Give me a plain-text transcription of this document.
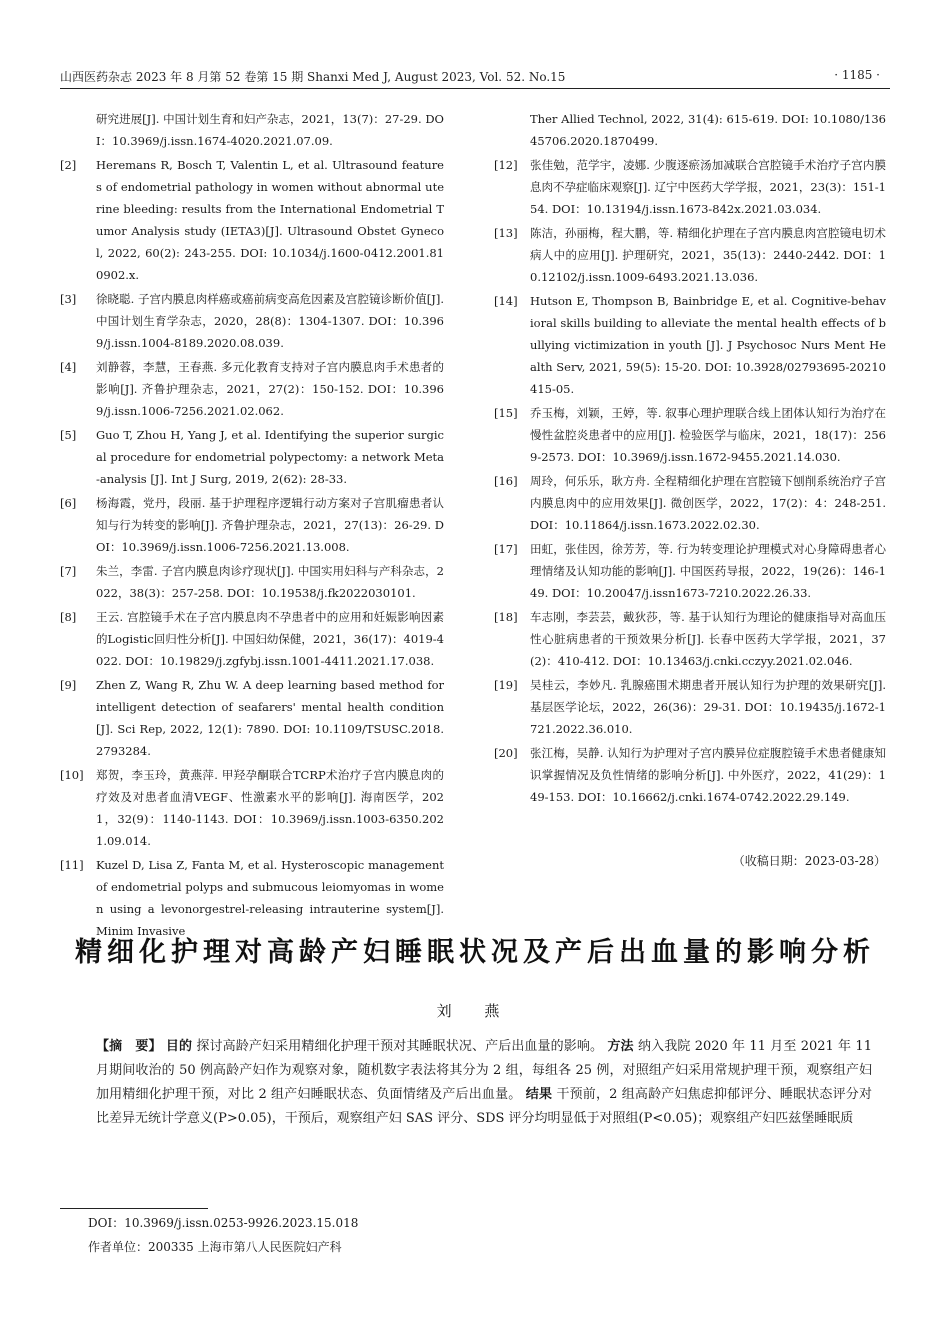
山西医药杂志 2023 年 8 月第 52 卷第 15 期 Shanxi Med J, August 2023, Vol. 52. No.15	· 1185 ·
研究进展[J]. 中国计划生育和妇产杂志，2021，13(7)：27-29. DOI：10.3969/j.issn.1674-4020.2021.07.09.
[2]	Heremans R, Bosch T, Valentin L, et al. Ultrasound features of endometrial pathology in women without abnormal uterine bleeding: results from the International Endometrial Tumor Analysis study (IETA3)[J]. Ultrasound Obstet Gynecol, 2022, 60(2): 243-255. DOI: 10.1034/j.1600-0412.2001.810902.x.
[3]	徐晓聪. 子宫内膜息肉样癌或癌前病变高危因素及宫腔镜诊断价值[J]. 中国计划生育学杂志，2020，28(8)：1304-1307. DOI：10.3969/j.issn.1004-8189.2020.08.039.
[4]	刘静蓉，李慧，王春燕. 多元化教育支持对子宫内膜息肉手术患者的影响[J]. 齐鲁护理杂志，2021，27(2)：150-152. DOI：10.3969/j.issn.1006-7256.2021.02.062.
[5]	Guo T, Zhou H, Yang J, et al. Identifying the superior surgical procedure for endometrial polypectomy: a network Meta-analysis [J]. Int J Surg, 2019, 2(62): 28-33.
[6]	杨海霞，党丹，段丽. 基于护理程序逻辑行动方案对子宫肌瘤患者认知与行为转变的影响[J]. 齐鲁护理杂志，2021，27(13)：26-29. DOI：10.3969/j.issn.1006-7256.2021.13.008.
[7]	朱兰，李雷. 子宫内膜息肉诊疗现状[J]. 中国实用妇科与产科杂志，2022，38(3)：257-258. DOI：10.19538/j.fk2022030101.
[8]	王云. 宫腔镜手术在子宫内膜息肉不孕患者中的应用和妊娠影响因素的Logistic回归性分析[J]. 中国妇幼保健，2021，36(17)：4019-4022. DOI：10.19829/j.zgfybj.issn.1001-4411.2021.17.038.
[9]	Zhen Z, Wang R, Zhu W. A deep learning based method for intelligent detection of seafarers' mental health condition[J]. Sci Rep, 2022, 12(1): 7890. DOI: 10.1109/TSUSC.2018.2793284.
[10]	郑贺，李玉玲，黄燕萍. 甲羟孕酮联合TCRP术治疗子宫内膜息肉的疗效及对患者血清VEGF、性激素水平的影响[J]. 海南医学，2021，32(9)：1140-1143. DOI：10.3969/j.issn.1003-6350.2021.09.014.
[11]	Kuzel D, Lisa Z, Fanta M, et al. Hysteroscopic management of endometrial polyps and submucous leiomyomas in women using a levonorgestrel-releasing intrauterine system[J]. Minim Invasive
Ther Allied Technol, 2022, 31(4): 615-619. DOI: 10.1080/13645706.2020.1870499.
[12]	张佳勉，范学宇，凌娜. 少腹逐瘀汤加减联合宫腔镜手术治疗子宫内膜息肉不孕症临床观察[J]. 辽宁中医药大学学报，2021，23(3)：151-154. DOI：10.13194/j.issn.1673-842x.2021.03.034.
[13]	陈洁，孙丽梅，程大鹏，等. 精细化护理在子宫内膜息肉宫腔镜电切术病人中的应用[J]. 护理研究，2021，35(13)：2440-2442. DOI：10.12102/j.issn.1009-6493.2021.13.036.
[14]	Hutson E, Thompson B, Bainbridge E, et al. Cognitive-behavioral skills building to alleviate the mental health effects of bullying victimization in youth [J]. J Psychosoc Nurs Ment Health Serv, 2021, 59(5): 15-20. DOI: 10.3928/02793695-20210415-05.
[15]	乔玉梅，刘颖，王婷，等. 叙事心理护理联合线上团体认知行为治疗在慢性盆腔炎患者中的应用[J]. 检验医学与临床，2021，18(17)：2569-2573. DOI：10.3969/j.issn.1672-9455.2021.14.030.
[16]	周玲，何乐乐，耿方舟. 全程精细化护理在宫腔镜下刨削系统治疗子宫内膜息肉中的应用效果[J]. 微创医学，2022，17(2)：4：248-251. DOI：10.11864/j.issn.1673.2022.02.30.
[17]	田虹，张佳因，徐芳芳，等. 行为转变理论护理模式对心身障碍患者心理情绪及认知功能的影响[J]. 中国医药导报，2022，19(26)：146-149. DOI：10.20047/j.issn1673-7210.2022.26.33.
[18]	车志刚，李芸芸，戴狄莎，等. 基于认知行为理论的健康指导对高血压性心脏病患者的干预效果分析[J]. 长春中医药大学学报，2021，37(2)：410-412. DOI：10.13463/j.cnki.cczyy.2021.02.046.
[19]	吴桂云，李妙凡. 乳腺癌围术期患者开展认知行为护理的效果研究[J]. 基层医学论坛，2022，26(36)：29-31. DOI：10.19435/j.1672-1721.2022.36.010.
[20]	张江梅，吴静. 认知行为护理对子宫内膜异位症腹腔镜手术患者健康知识掌握情况及负性情绪的影响分析[J]. 中外医疗，2022，41(29)：149-153. DOI：10.16662/j.cnki.1674-0742.2022.29.149.
（收稿日期：2023-03-28）
精细化护理对高龄产妇睡眠状况及产后出血量的影响分析
刘 燕
【摘　要】 目的 探讨高龄产妇采用精细化护理干预对其睡眠状况、产后出血量的影响。 方法 纳入我院 2020 年 11 月至 2021 年 11 月期间收治的 50 例高龄产妇作为观察对象，随机数字表法将其分为 2 组，每组各 25 例，对照组产妇采用常规护理干预，观察组产妇加用精细化护理干预，对比 2 组产妇睡眠状态、负面情绪及产后出血量。 结果 干预前，2 组高龄产妇焦虑抑郁评分、睡眠状态评分对比差异无统计学意义(P>0.05)，干预后，观察组产妇 SAS 评分、SDS 评分均明显低于对照组(P<0.05)；观察组产妇匹兹堡睡眠质
DOI：10.3969/j.issn.0253-9926.2023.15.018
作者单位：200335 上海市第八人民医院妇产科
